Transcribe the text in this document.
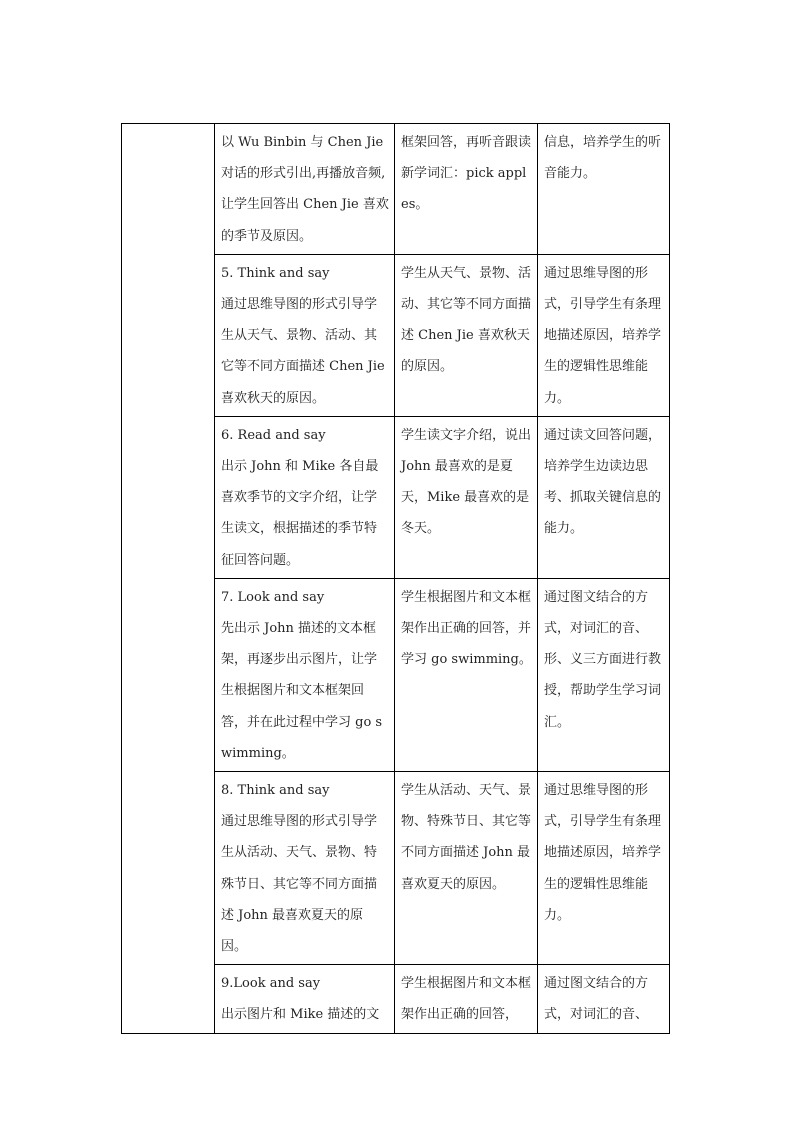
	以 Wu Binbin 与 Chen Jie 对话的形式引出,再播放音频,让学生回答出 Chen Jie 喜欢的季节及原因。	框架回答，再听音跟读新学词汇：pick apples。	信息，培养学生的听音能力。

	5. Think and say
通过思维导图的形式引导学生从天气、景物、活动、其它等不同方面描述 Chen Jie 喜欢秋天的原因。	学生从天气、景物、活动、其它等不同方面描述 Chen Jie 喜欢秋天的原因。	通过思维导图的形式，引导学生有条理地描述原因，培养学生的逻辑性思维能力。

	6. Read and say
出示 John 和 Mike 各自最喜欢季节的文字介绍，让学生读文，根据描述的季节特征回答问题。	学生读文字介绍，说出 John 最喜欢的是夏天，Mike 最喜欢的是冬天。	通过读文回答问题，培养学生边读边思考、抓取关键信息的能力。

	7. Look and say
先出示 John 描述的文本框架，再逐步出示图片，让学生根据图片和文本框架回答，并在此过程中学习 go swimming。	学生根据图片和文本框架作出正确的回答，并学习 go swimming。	通过图文结合的方式，对词汇的音、形、义三方面进行教授，帮助学生学习词汇。

	8. Think and say
通过思维导图的形式引导学生从活动、天气、景物、特殊节日、其它等不同方面描述 John 最喜欢夏天的原因。	学生从活动、天气、景物、特殊节日、其它等不同方面描述 John 最喜欢夏天的原因。	通过思维导图的形式，引导学生有条理地描述原因，培养学生的逻辑性思维能力。

	9.Look and say
出示图片和 Mike 描述的文	学生根据图片和文本框架作出正确的回答，	通过图文结合的方式，对词汇的音、
